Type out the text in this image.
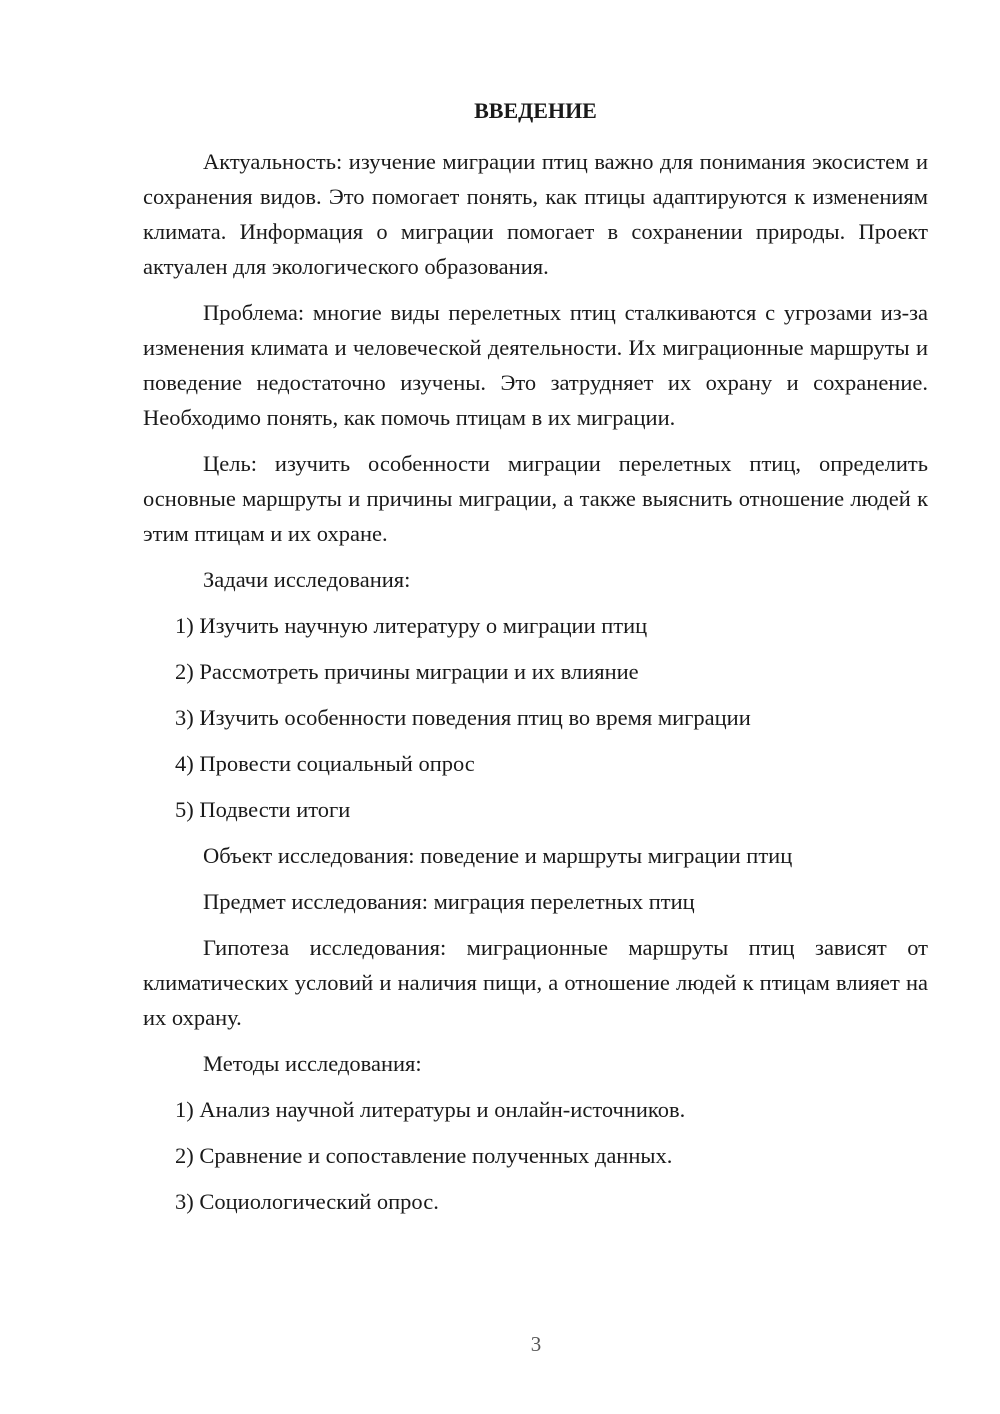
ВВЕДЕНИЕ

Актуальность: изучение миграции птиц важно для понимания экосистем и сохранения видов. Это помогает понять, как птицы адаптируются к изменениям климата. Информация о миграции помогает в сохранении природы. Проект актуален для экологического образования.

Проблема: многие виды перелетных птиц сталкиваются с угрозами из-за изменения климата и человеческой деятельности. Их миграционные маршруты и поведение недостаточно изучены. Это затрудняет их охрану и сохранение. Необходимо понять, как помочь птицам в их миграции.

Цель: изучить особенности миграции перелетных птиц, определить основные маршруты и причины миграции, а также выяснить отношение людей к этим птицам и их охране.

Задачи исследования:

1) Изучить научную литературу о миграции птиц

2) Рассмотреть причины миграции и их влияние

3) Изучить особенности поведения птиц во время миграции

4) Провести социальный опрос

5) Подвести итоги

Объект исследования: поведение и маршруты миграции птиц

Предмет исследования: миграция перелетных птиц

Гипотеза исследования: миграционные маршруты птиц зависят от климатических условий и наличия пищи, а отношение людей к птицам влияет на их охрану.

Методы исследования:

1) Анализ научной литературы и онлайн-источников.

2) Сравнение и сопоставление полученных данных.

3) Социологический опрос.

3
